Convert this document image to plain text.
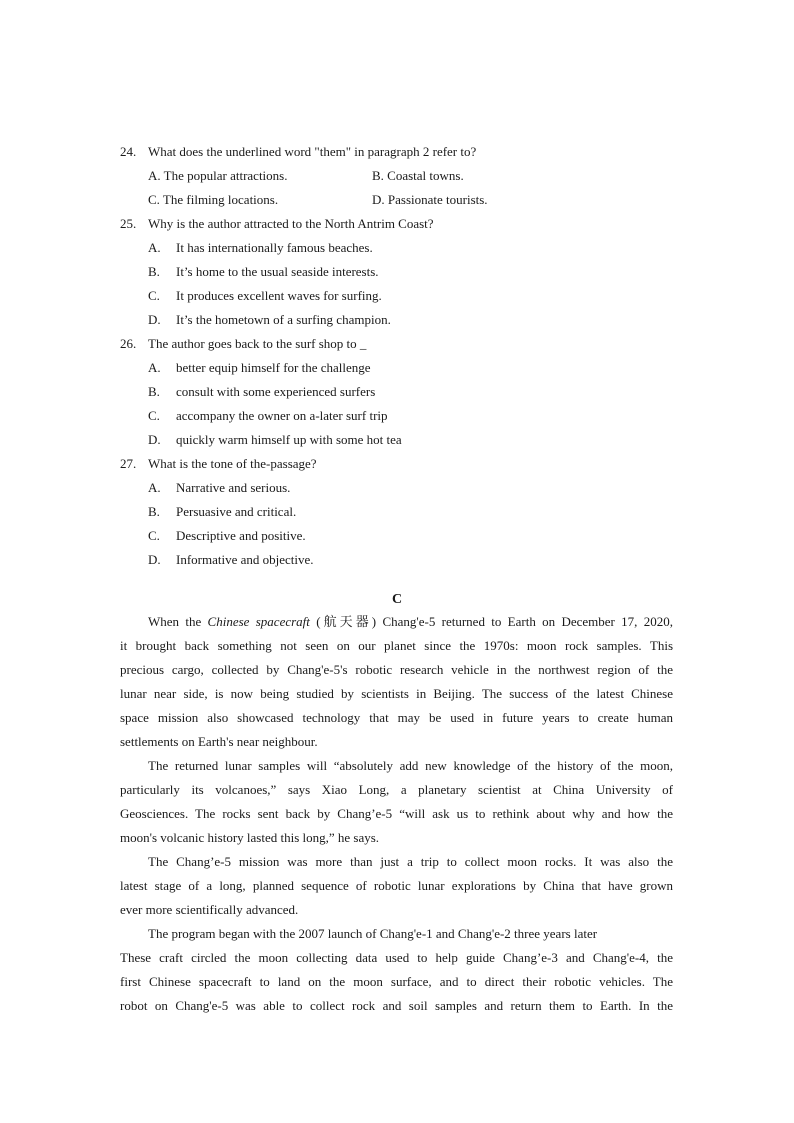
24. What does the underlined word "them" in paragraph 2 refer to?
A. The popular attractions.	B. Coastal towns.
C. The filming locations.	D. Passionate tourists.
25. Why is the author attracted to the North Antrim Coast?
A.	It has internationally famous beaches.
B.	It’s home to the usual seaside interests.
C.	It produces excellent waves for surfing.
D.	It’s the hometown of a surfing champion.
26. The author goes back to the surf shop to _
A.	better equip himself for the challenge
B.	consult with some experienced surfers
C.	accompany the owner on a-later surf trip
D.	quickly warm himself up with some hot tea
27. What is the tone of the-passage?
A.	Narrative and serious.
B.	Persuasive and critical.
C.	Descriptive and positive.
D.	Informative and objective.
C
When the Chinese spacecraft (航天器) Chang'e-5 returned to Earth on December 17, 2020,
it brought back something not seen on our planet since the 1970s: moon rock samples. This
precious cargo, collected by Chang'e-5's robotic research vehicle in the northwest region of the
lunar near side, is now being studied by scientists in Beijing. The success of the latest Chinese
space mission also showcased technology that may be used in future years to create human
settlements on Earth's near neighbour.
The returned lunar samples will “absolutely add new knowledge of the history of the moon,
particularly its volcanoes,” says Xiao Long, a planetary scientist at China University of
Geosciences. The rocks sent back by Chang’e-5 “will ask us to rethink about why and how the
moon's volcanic history lasted this long,” he says.
The Chang’e-5 mission was more than just a trip to collect moon rocks. It was also the
latest stage of a long, planned sequence of robotic lunar explorations by China that have grown
ever more scientifically advanced.
The program began with the 2007 launch of Chang'e-1 and Chang'e-2 three years later
These craft circled the moon collecting data used to help guide Chang’e-3 and Chang'e-4, the
first Chinese spacecraft to land on the moon surface, and to direct their robotic vehicles. The
robot on Chang'e-5 was able to collect rock and soil samples and return them to Earth. In the
